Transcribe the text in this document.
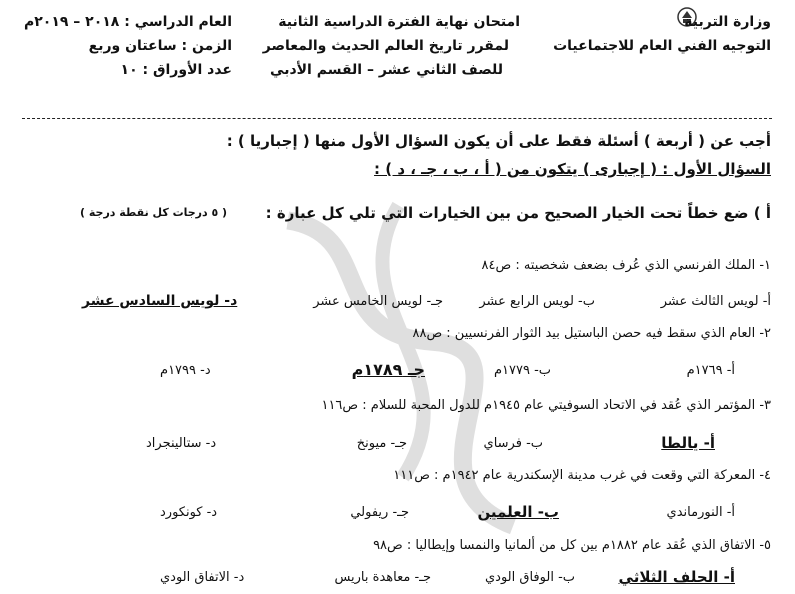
وزارة التربية
التوجيه الفني العام للاجتماعيات
امتحان نهاية الفترة الدراسية الثانية
لمقرر تاريخ العالم الحديث والمعاصر
للصف الثاني عشر – القسم الأدبي
العام الدراسي : ٢٠١٨ – ٢٠١٩م
الزمن : ساعتان وربع
عدد الأوراق : ١٠
أجب عن ( أربعة ) أسئلة فقط على أن يكون السؤال الأول منها ( إجباريا ) :
السؤال الأول : ( إجبارى ) يتكون من ( أ ، ب ، جـ ، د ) :
أ ) ضع خطاً تحت الخيار الصحيح من بين الخيارات التي تلي كل عبارة :
( ٥ درجات كل نقطة درجة )
١- الملك الفرنسي الذي عُرف بضعف شخصيته : ص٨٤
أ- لويس الثالث عشر
ب- لويس الرابع عشر
جـ- لويس الخامس عشر
د- لويس السادس عشر
٢- العام الذي سقط فيه حصن الباستيل بيد الثوار الفرنسيين : ص٨٨
أ- ١٧٦٩م
ب- ١٧٧٩م
جـ ١٧٨٩م
د- ١٧٩٩م
٣- المؤتمر الذي عُقد في الاتحاد السوفيتي عام ١٩٤٥م للدول المحبة للسلام : ص١١٦
أ- يالطا
ب- فرساي
جـ- ميونخ
د- ستالينجراد
٤- المعركة التي وقعت في غرب مدينة الإسكندرية عام ١٩٤٢م : ص١١١
أ- النورماندي
ب- العلمين
جـ- ريفولي
د- كونكورد
٥- الاتفاق الذي عُقد عام ١٨٨٢م بين كل من ألمانيا والنمسا وإيطاليا : ص٩٨
أ- الحلف الثلاثي
ب- الوفاق الودي
جـ- معاهدة باريس
د- الاتفاق الودي
